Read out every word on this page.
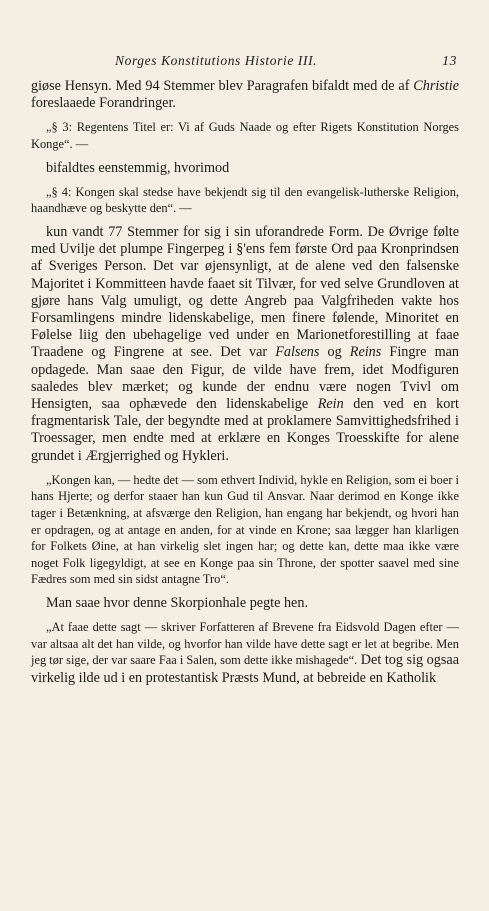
Norges Konstitutions Historie III.	13

giøse Hensyn. Med 94 Stemmer blev Paragrafen bifaldt med de af Christie foreslaaede Forandringer.

„§ 3: Regentens Titel er: Vi af Guds Naade og efter Rigets Konstitution Norges Konge“. —

bifaldtes eenstemmig, hvorimod

„§ 4: Kongen skal stedse have bekjendt sig til den evangelisk-lutherske Religion, haandhæve og beskytte den“. —

kun vandt 77 Stemmer for sig i sin uforandrede Form. De Øvrige følte med Uvilje det plumpe Fingerpeg i §'ens fem første Ord paa Kronprindsen af Sveriges Person. Det var øjensynligt, at de alene ved den falsenske Majoritet i Kommitteen havde faaet sit Tilvær, for ved selve Grundloven at gjøre hans Valg umuligt, og dette Angreb paa Valgfriheden vakte hos Forsamlingens mindre lidenskabelige, men finere følende, Minoritet en Følelse liig den ubehagelige ved under en Marionetforestilling at faae Traadene og Fingrene at see. Det var Falsens og Reins Fingre man opdagede. Man saae den Figur, de vilde have frem, idet Modfiguren saaledes blev mærket; og kunde der endnu være nogen Tvivl om Hensigten, saa ophævede den lidenskabelige Rein den ved en kort fragmentarisk Tale, der begyndte med at proklamere Samvittighedsfrihed i Troessager, men endte med at erklære en Konges Troesskifte for alene grundet i Ærgjerrighed og Hykleri.

„Kongen kan, — hedte det — som ethvert Individ, hykle en Religion, som ei boer i hans Hjerte; og derfor staaer han kun Gud til Ansvar. Naar derimod en Konge ikke tager i Betænkning, at afsværge den Religion, han engang har bekjendt, og hvori han er opdragen, og at antage en anden, for at vinde en Krone; saa lægger han klarligen for Folkets Øine, at han virkelig slet ingen har; og dette kan, dette maa ikke være noget Folk ligegyldigt, at see en Konge paa sin Throne, der spotter saavel med sine Fædres som med sin sidst antagne Tro“.

Man saae hvor denne Skorpionhale pegte hen.

„At faae dette sagt — skriver Forfatteren af Brevene fra Eidsvold Dagen efter — var altsaa alt det han vilde, og hvorfor han vilde have dette sagt er let at begribe. Men jeg tør sige, der var saare Faa i Salen, som dette ikke mishagede“. Det tog sig ogsaa virkelig ilde ud i en protestantisk Præsts Mund, at bebreide en Katholik
